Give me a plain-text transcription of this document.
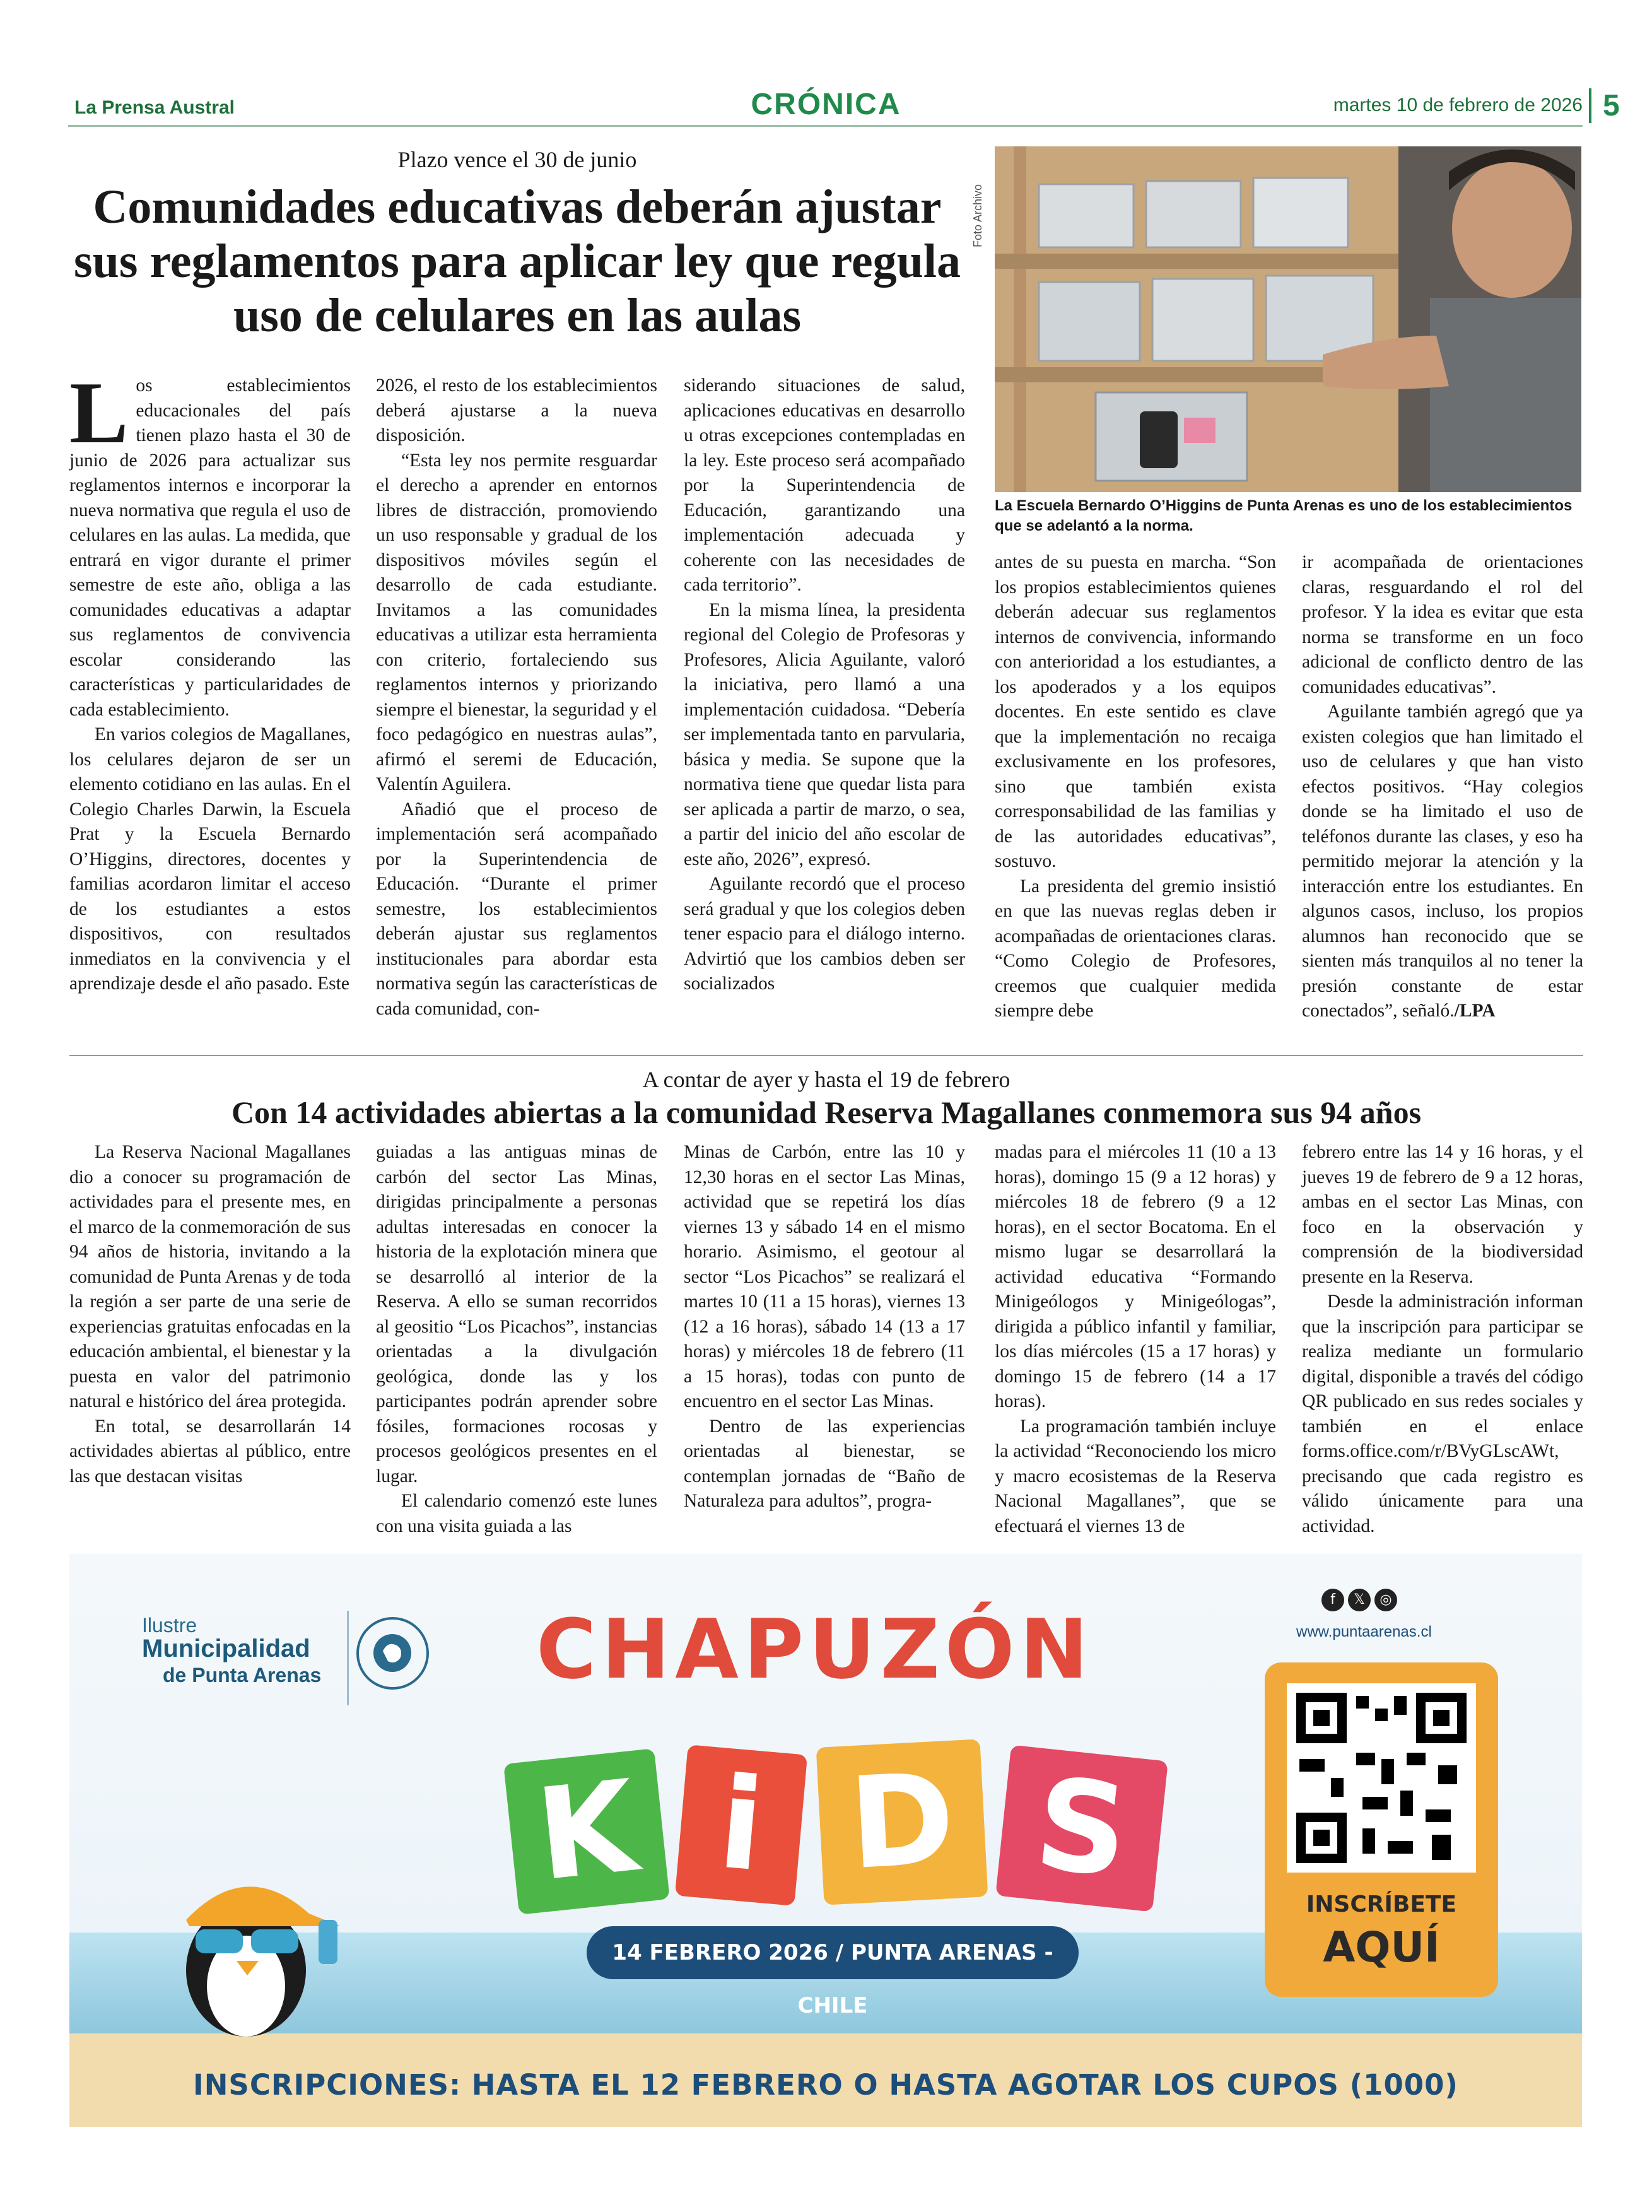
La Prensa Austral	CRÓNICA	martes 10 de febrero de 2026 5
Plazo vence el 30 de junio
Comunidades educativas deberán ajustar sus reglamentos para aplicar ley que regula uso de celulares en las aulas

Los establecimientos educacionales del país tienen plazo hasta el 30 de junio de 2026 para actualizar sus reglamentos internos e incorporar la nueva normativa que regula el uso de celulares en las aulas. La medida, que entrará en vigor durante el primer semestre de este año, obliga a las comunidades educativas a adaptar sus reglamentos de convivencia escolar considerando las características y particularidades de cada establecimiento.

En varios colegios de Magallanes, los celulares dejaron de ser un elemento cotidiano en las aulas. En el Colegio Charles Darwin, la Escuela Prat y la Escuela Bernardo O’Higgins, directores, docentes y familias acordaron limitar el acceso de los estudiantes a estos dispositivos, con resultados inmediatos en la convivencia y el aprendizaje desde el año pasado. Este

2026, el resto de los establecimientos deberá ajustarse a la nueva disposición.

“Esta ley nos permite resguardar el derecho a aprender en entornos libres de distracción, promoviendo un uso responsable y gradual de los dispositivos móviles según el desarrollo de cada estudiante. Invitamos a las comunidades educativas a utilizar esta herramienta con criterio, fortaleciendo sus reglamentos internos y priorizando siempre el bienestar, la seguridad y el foco pedagógico en nuestras aulas”, afirmó el seremi de Educación, Valentín Aguilera.

Añadió que el proceso de implementación será acompañado por la Superintendencia de Educación. “Durante el primer semestre, los establecimientos deberán ajustar sus reglamentos institucionales para abordar esta normativa según las características de cada comunidad, con-

siderando situaciones de salud, aplicaciones educativas en desarrollo u otras excepciones contempladas en la ley. Este proceso será acompañado por la Superintendencia de Educación, garantizando una implementación adecuada y coherente con las necesidades de cada territorio”.

En la misma línea, la presidenta regional del Colegio de Profesoras y Profesores, Alicia Aguilante, valoró la iniciativa, pero llamó a una implementación cuidadosa. “Debería ser implementada tanto en parvularia, básica y media. Se supone que la normativa tiene que quedar lista para ser aplicada a partir de marzo, o sea, a partir del inicio del año escolar de este año, 2026”, expresó.

Aguilante recordó que el proceso será gradual y que los colegios deben tener espacio para el diálogo interno. Advirtió que los cambios deben ser socializados

Foto Archivo
La Escuela Bernardo O’Higgins de Punta Arenas es uno de los establecimientos que se adelantó a la norma.

antes de su puesta en marcha. “Son los propios establecimientos quienes deberán adecuar sus reglamentos internos de convivencia, informando con anterioridad a los estudiantes, a los apoderados y a los equipos docentes. En este sentido es clave que la implementación no recaiga exclusivamente en los profesores, sino que también exista corresponsabilidad de las familias y de las autoridades educativas”, sostuvo.

La presidenta del gremio insistió en que las nuevas reglas deben ir acompañadas de orientaciones claras. “Como Colegio de Profesores, creemos que cualquier medida siempre debe

ir acompañada de orientaciones claras, resguardando el rol del profesor. Y la idea es evitar que esta norma se transforme en un foco adicional de conflicto dentro de las comunidades educativas”.

Aguilante también agregó que ya existen colegios que han limitado el uso de celulares y que han visto efectos positivos. “Hay colegios donde se ha limitado el uso de teléfonos durante las clases, y eso ha permitido mejorar la atención y la interacción entre los estudiantes. En algunos casos, incluso, los propios alumnos han reconocido que se sienten más tranquilos al no tener la presión constante de estar conectados”, señaló./LPA

A contar de ayer y hasta el 19 de febrero
Con 14 actividades abiertas a la comunidad Reserva Magallanes conmemora sus 94 años

La Reserva Nacional Magallanes dio a conocer su programación de actividades para el presente mes, en el marco de la conmemoración de sus 94 años de historia, invitando a la comunidad de Punta Arenas y de toda la región a ser parte de una serie de experiencias gratuitas enfocadas en la educación ambiental, el bienestar y la puesta en valor del patrimonio natural e histórico del área protegida.

En total, se desarrollarán 14 actividades abiertas al público, entre las que destacan visitas

guiadas a las antiguas minas de carbón del sector Las Minas, dirigidas principalmente a personas adultas interesadas en conocer la historia de la explotación minera que se desarrolló al interior de la Reserva. A ello se suman recorridos al geositio “Los Picachos”, instancias orientadas a la divulgación geológica, donde las y los participantes podrán aprender sobre fósiles, formaciones rocosas y procesos geológicos presentes en el lugar.

El calendario comenzó este lunes con una visita guiada a las

Minas de Carbón, entre las 10 y 12,30 horas en el sector Las Minas, actividad que se repetirá los días viernes 13 y sábado 14 en el mismo horario. Asimismo, el geotour al sector “Los Picachos” se realizará el martes 10 (11 a 15 horas), viernes 13 (12 a 16 horas), sábado 14 (13 a 17 horas) y miércoles 18 de febrero (11 a 15 horas), todas con punto de encuentro en el sector Las Minas.

Dentro de las experiencias orientadas al bienestar, se contemplan jornadas de “Baño de Naturaleza para adultos”, progra-

madas para el miércoles 11 (10 a 13 horas), domingo 15 (9 a 12 horas) y miércoles 18 de febrero (9 a 12 horas), en el sector Bocatoma. En el mismo lugar se desarrollará la actividad educativa “Formando Minigeólogos y Minigeólogas”, dirigida a público infantil y familiar, los días miércoles (15 a 17 horas) y domingo 15 de febrero (14 a 17 horas).

La programación también incluye la actividad “Reconociendo los micro y macro ecosistemas de la Reserva Nacional Magallanes”, que se efectuará el viernes 13 de

febrero entre las 14 y 16 horas, y el jueves 19 de febrero de 9 a 12 horas, ambas en el sector Las Minas, con foco en la observación y comprensión de la biodiversidad presente en la Reserva.

Desde la administración informan que la inscripción para participar se realiza mediante un formulario digital, disponible a través del código QR publicado en sus redes sociales y también en el enlace forms.office.com/r/BVyGLscAWt, precisando que cada registro es válido únicamente para una actividad.

Ilustre
Municipalidad
de Punta Arenas	CHAPUZÓN
K i D S
14 FEBRERO 2026 / PUNTA ARENAS - CHILE
f 𝕏 ◎
www.puntaarenas.cl
INSCRÍBETE
AQUÍ
INSCRIPCIONES: HASTA EL 12 FEBRERO O HASTA AGOTAR LOS CUPOS (1000)
